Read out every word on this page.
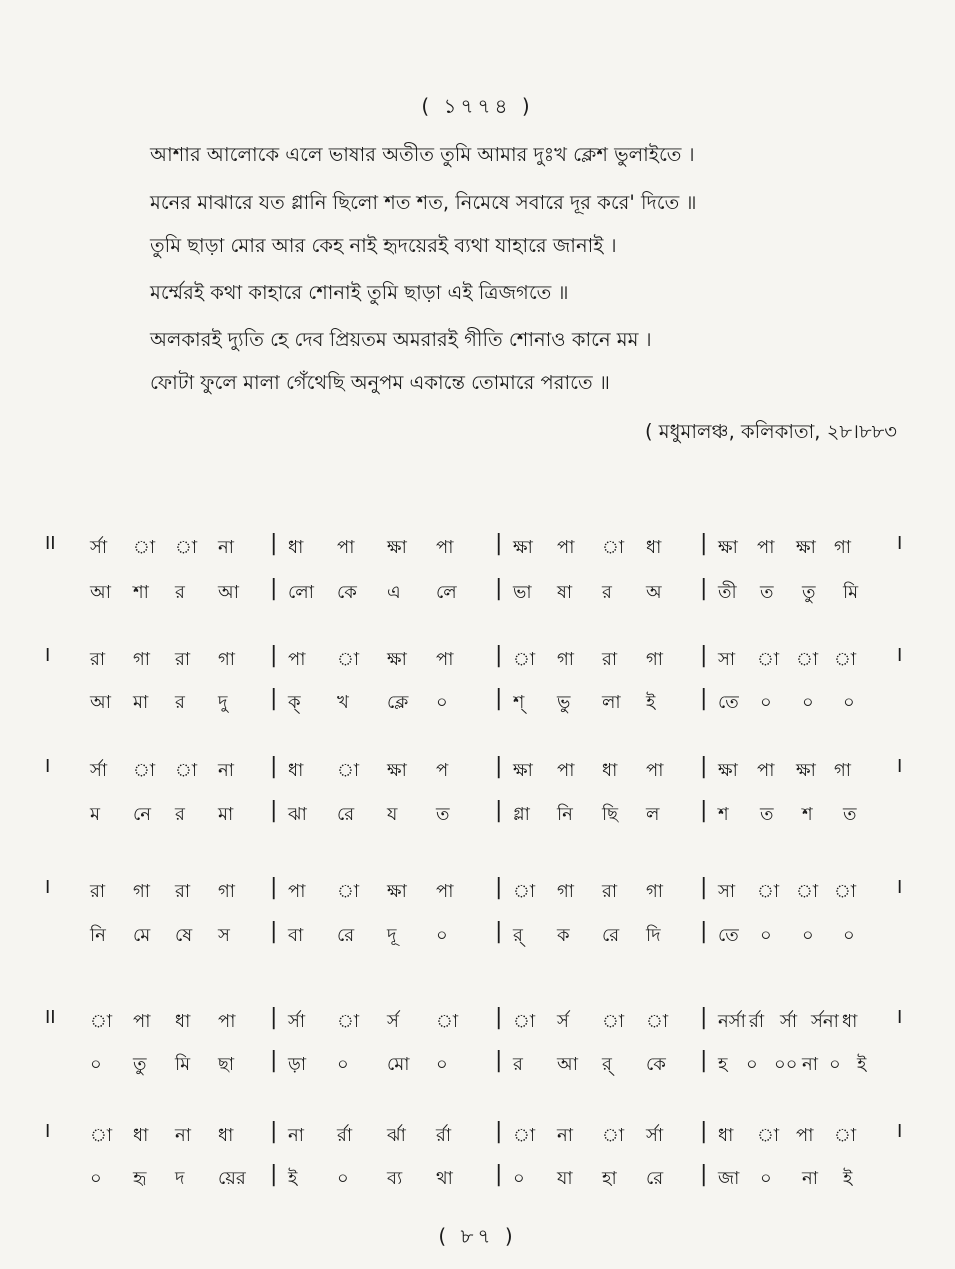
( ১৭৭৪ )
আশার আলোকে এলে ভাষার অতীত তুমি আমার দুঃখ ক্লেশ ভুলাইতে ।
মনের মাঝারে যত গ্লানি ছিলো শত শত, নিমেষে সবারে দূর করে' দিতে ॥
তুমি ছাড়া মোর আর কেহ নাই হৃদয়েরই ব্যথা যাহারে জানাই ।
মর্ম্মেরই কথা কাহারে শোনাই তুমি ছাড়া এই ত্রিজগতে ॥
অলকারই দ্যুতি হে দেব প্রিয়তম অমরারই গীতি শোনাও কানে মম ।
ফোটা ফুলে মালা গেঁথেছি অনুপম একান্তে তোমারে পরাতে ॥
( মধুমালঞ্চ, কলিকাতা, ২৮।৮৮৩
II র্সা া া না | ধা পা ক্ষা পা | ক্ষা পা া ধা | ক্ষা পা ক্ষা গা	I
আ শা র আ | লো কে এ লে | ভা ষা র অ | তী ত তু মি
I রা গা রা গা | পা া ক্ষা পা | া গা রা গা | সা া া া I
আ মা র দু | ক্ খ ক্লে ০ | শ্ ভু লা ই | তে ০ ০ ০
I র্সা া া না | ধা া ক্ষা প | ক্ষা পা ধা পা | ক্ষা পা ক্ষা গা	I
ম নে র মা | ঝা রে য ত | গ্লা নি ছি ল | শ ত শ ত
I রা গা রা গা | পা া ক্ষা পা | া গা রা গা | সা া া া I
নি মে ষে স | বা রে দূ ০ | র্ ক রে দি | তে ০ ০ ০
II া পা ধা পা | র্সা া র্স া | া র্স া া | নর্সা র্রা র্সা র্সনা ধা I
০ তু মি ছা | ড়া ০ মো ০ | র আ র্ কে | হ ০ ০০ না ০ ই
I া ধা না ধা | না র্রা র্ঝা র্রা | া না া র্সা | ধা া পা া I
০ হৃ দ য়ের | ই ০ ব্য থা | ০ যা হা রে | জা ০ না ই
( ৮৭ )
